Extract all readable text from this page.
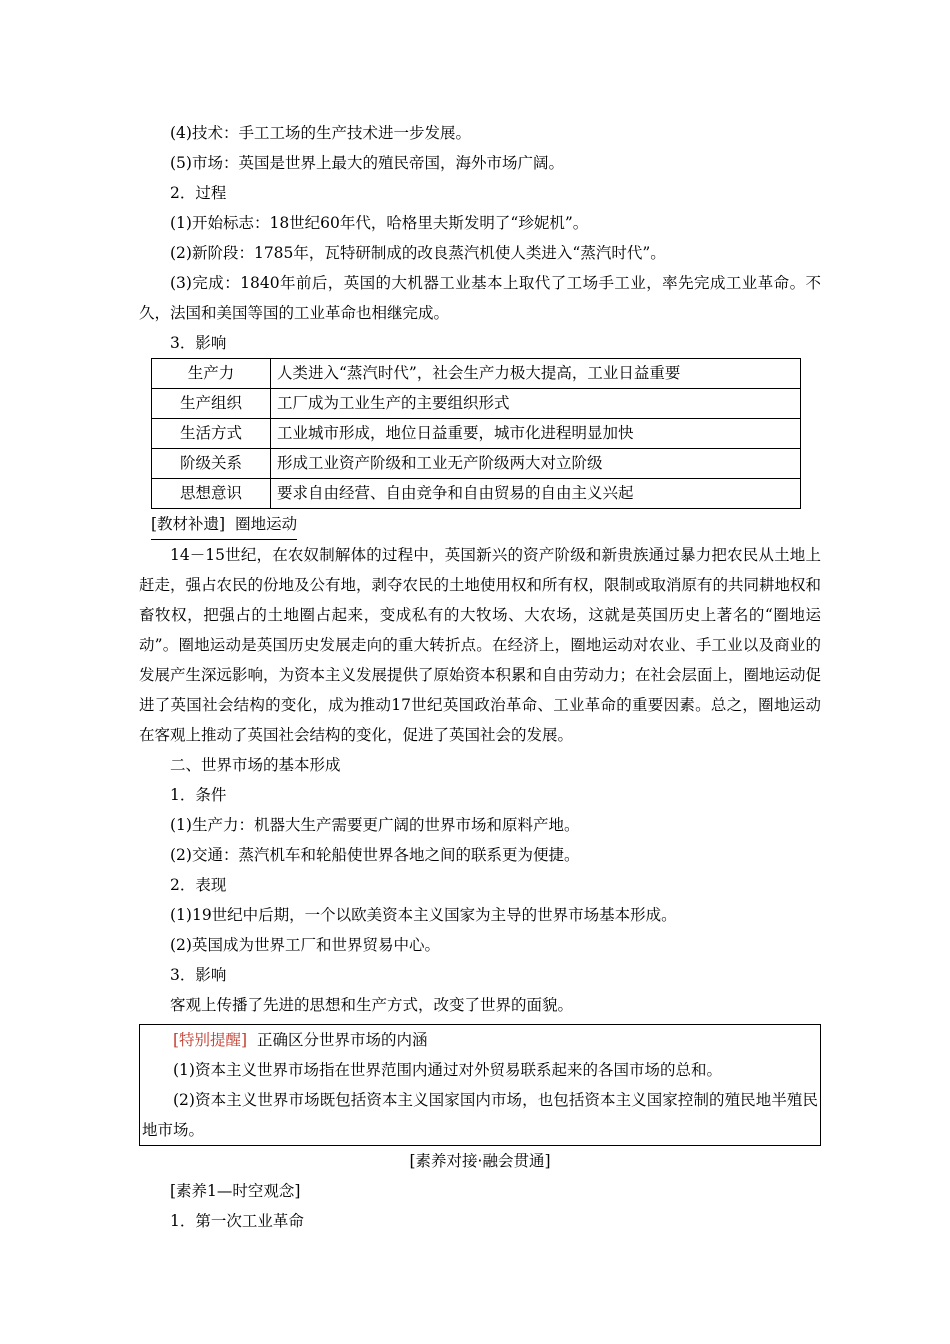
(4)技术：手工工场的生产技术进一步发展。

(5)市场：英国是世界上最大的殖民帝国，海外市场广阔。

2．过程

(1)开始标志：18世纪60年代，哈格里夫斯发明了“珍妮机”。

(2)新阶段：1785年，瓦特研制成的改良蒸汽机使人类进入“蒸汽时代”。

(3)完成：1840年前后，英国的大机器工业基本上取代了工场手工业，率先完成工业革命。不久，法国和美国等国的工业革命也相继完成。

3．影响

生产力	人类进入“蒸汽时代”，社会生产力极大提高，工业日益重要
生产组织	工厂成为工业生产的主要组织形式
生活方式	工业城市形成，地位日益重要，城市化进程明显加快
阶级关系	形成工业资产阶级和工业无产阶级两大对立阶级
思想意识	要求自由经营、自由竞争和自由贸易的自由主义兴起

[教材补遗] 圈地运动

14－15世纪，在农奴制解体的过程中，英国新兴的资产阶级和新贵族通过暴力把农民从土地上赶走，强占农民的份地及公有地，剥夺农民的土地使用权和所有权，限制或取消原有的共同耕地权和畜牧权，把强占的土地圈占起来，变成私有的大牧场、大农场，这就是英国历史上著名的“圈地运动”。圈地运动是英国历史发展走向的重大转折点。在经济上，圈地运动对农业、手工业以及商业的发展产生深远影响，为资本主义发展提供了原始资本积累和自由劳动力；在社会层面上，圈地运动促进了英国社会结构的变化，成为推动17世纪英国政治革命、工业革命的重要因素。总之，圈地运动在客观上推动了英国社会结构的变化，促进了英国社会的发展。

二、世界市场的基本形成

1．条件

(1)生产力：机器大生产需要更广阔的世界市场和原料产地。

(2)交通：蒸汽机车和轮船使世界各地之间的联系更为便捷。

2．表现

(1)19世纪中后期，一个以欧美资本主义国家为主导的世界市场基本形成。

(2)英国成为世界工厂和世界贸易中心。

3．影响

客观上传播了先进的思想和生产方式，改变了世界的面貌。

[特别提醒] 正确区分世界市场的内涵

(1)资本主义世界市场指在世界范围内通过对外贸易联系起来的各国市场的总和。

(2)资本主义世界市场既包括资本主义国家国内市场，也包括资本主义国家控制的殖民地半殖民地市场。

[素养对接·融会贯通]

[素养1—时空观念]

1．第一次工业革命
